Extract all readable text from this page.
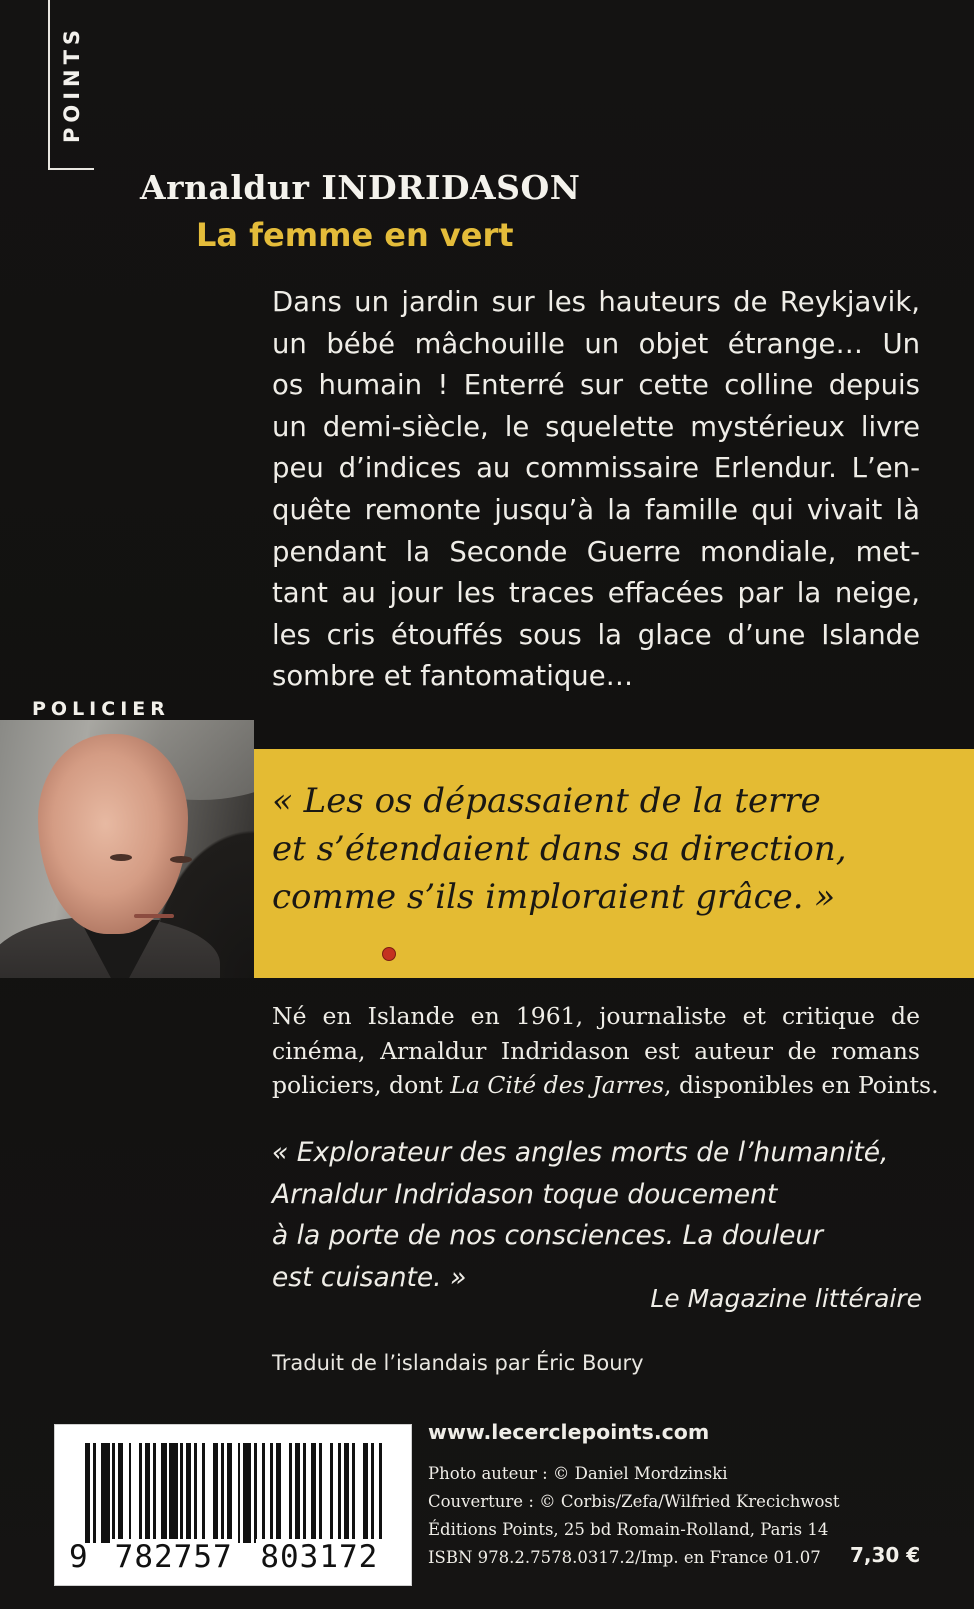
POINTS
Arnaldur INDRIDASON
La femme en vert
Dans un jardin sur les hauteurs de Reykjavik,
un bébé mâchouille un objet étrange… Un
os humain ! Enterré sur cette colline depuis
un demi-siècle, le squelette mystérieux livre
peu d’indices au commissaire Erlendur. L’en-
quête remonte jusqu’à la famille qui vivait là
pendant la Seconde Guerre mondiale, met-
tant au jour les traces effacées par la neige,
les cris étouffés sous la glace d’une Islande
sombre et fantomatique…
POLICIER
« Les os dépassaient de la terre
et s’étendaient dans sa direction,
comme s’ils imploraient grâce. »
Né en Islande en 1961, journaliste et critique de
cinéma, Arnaldur Indridason est auteur de romans
policiers, dont La Cité des Jarres, disponibles en Points.
« Explorateur des angles morts de l’humanité,
Arnaldur Indridason toque doucement
à la porte de nos consciences. La douleur
est cuisante. »
Le Magazine littéraire
Traduit de l’islandais par Éric Boury
9 782757 803172
www.lecerclepoints.com
Photo auteur : © Daniel Mordzinski
Couverture : © Corbis/Zefa/Wilfried Krecichwost
Éditions Points, 25 bd Romain-Rolland, Paris 14
ISBN 978.2.7578.0317.2/Imp. en France 01.07	7,30 €
